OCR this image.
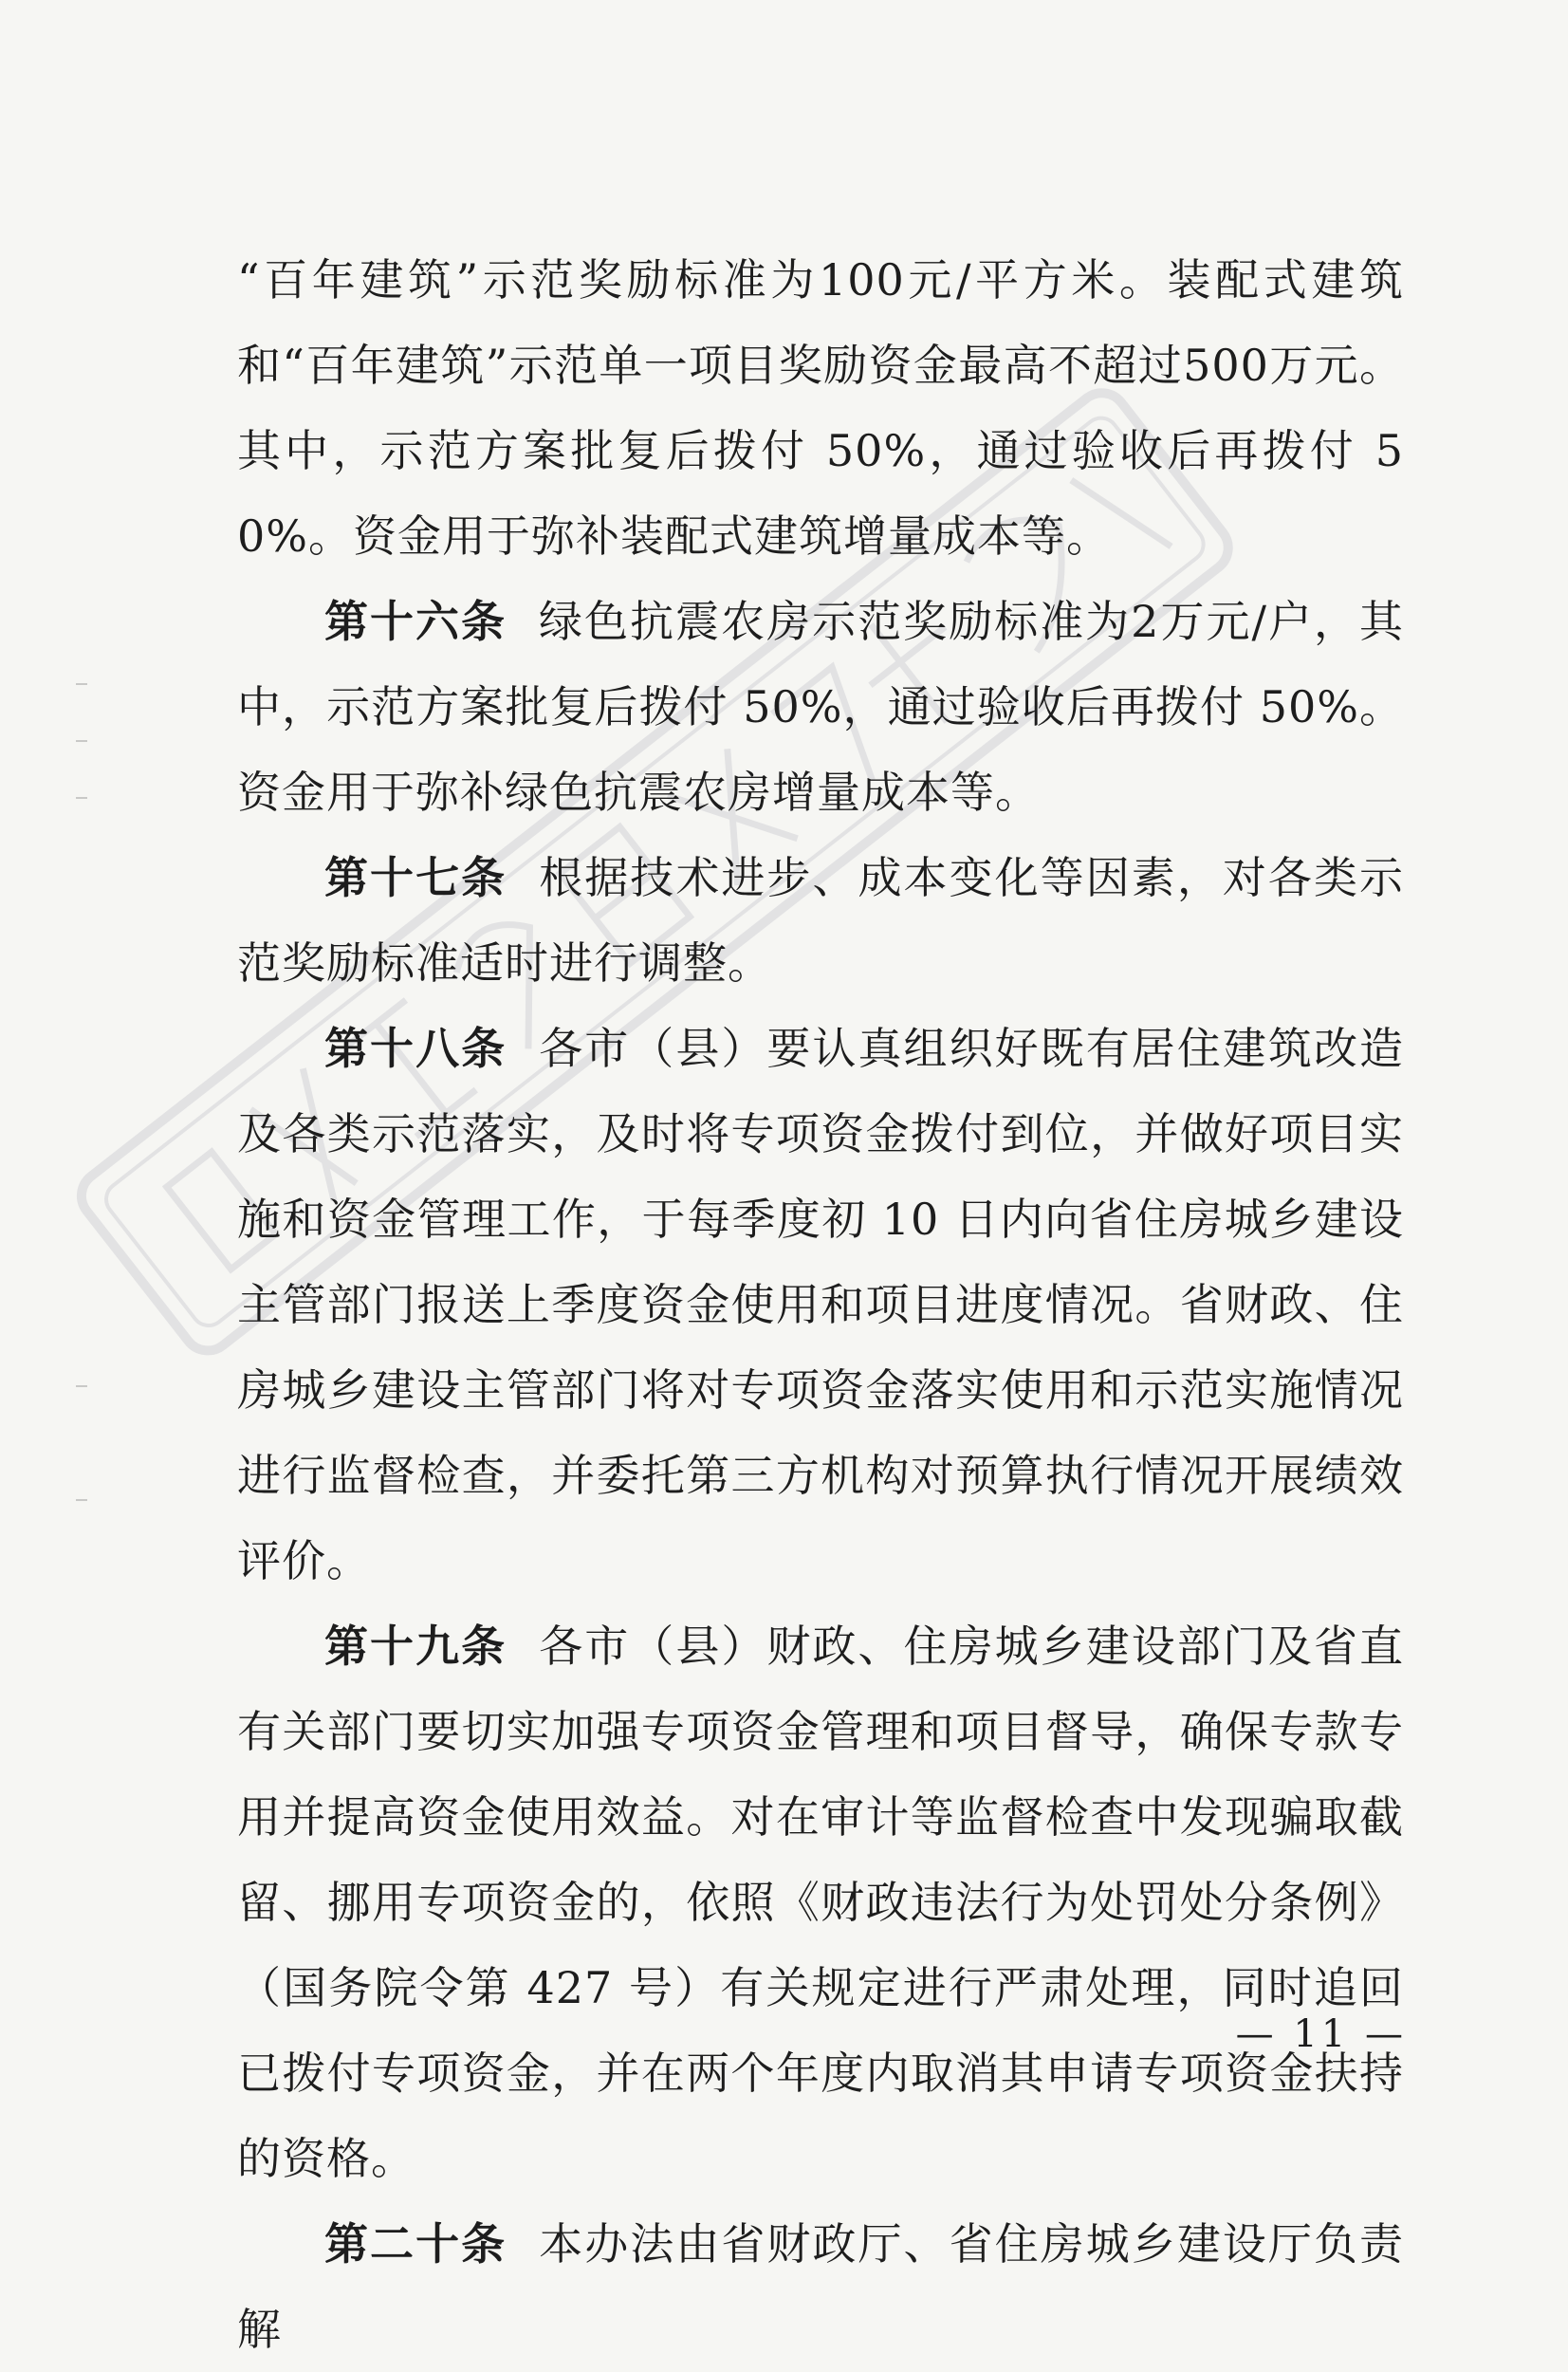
“百年建筑”示范奖励标准为100元/平方米。装配式建筑和“百年建筑”示范单一项目奖励资金最高不超过500万元。其中，示范方案批复后拨付 50%，通过验收后再拨付 50%。资金用于弥补装配式建筑增量成本等。

第十六条 绿色抗震农房示范奖励标准为2万元/户，其中，示范方案批复后拨付 50%，通过验收后再拨付 50%。资金用于弥补绿色抗震农房增量成本等。

第十七条 根据技术进步、成本变化等因素，对各类示范奖励标准适时进行调整。

第十八条 各市（县）要认真组织好既有居住建筑改造及各类示范落实，及时将专项资金拨付到位，并做好项目实施和资金管理工作，于每季度初 10 日内向省住房城乡建设主管部门报送上季度资金使用和项目进度情况。省财政、住房城乡建设主管部门将对专项资金落实使用和示范实施情况进行监督检查，并委托第三方机构对预算执行情况开展绩效评价。

第十九条 各市（县）财政、住房城乡建设部门及省直有关部门要切实加强专项资金管理和项目督导，确保专款专用并提高资金使用效益。对在审计等监督检查中发现骗取截留、挪用专项资金的，依照《财政违法行为处罚处分条例》（国务院令第 427 号）有关规定进行严肃处理，同时追回已拨付专项资金，并在两个年度内取消其申请专项资金扶持的资格。

第二十条 本办法由省财政厅、省住房城乡建设厅负责解

— 11 —
